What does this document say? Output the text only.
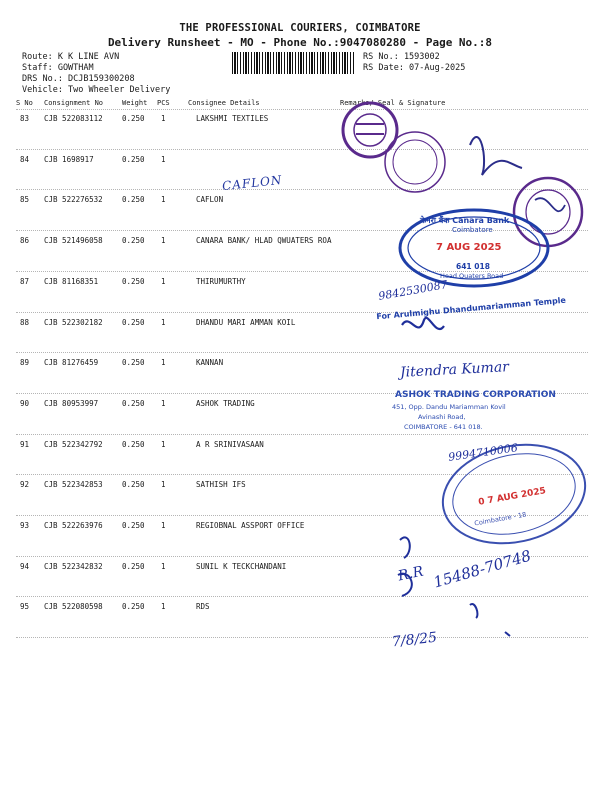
THE PROFESSIONAL COURIERS, COIMBATORE
Delivery Runsheet - MO - Phone No.:9047080280 - Page No.:8
Route: K K LINE AVN
Staff: GOWTHAM
DRS No.: DCJB159300208
Vehicle: Two Wheeler Delivery
RS No.: 1593002
RS Date: 07-Aug-2025
S No Consignment No	Weight PCS	Consignee Details	Remarks/ Seal & Signature
83 CJB 522083112	0.250 1	LAKSHMI TEXTILES
84 CJB 1698917	0.250 1
85 CJB 522276532	0.250 1	CAFLON
86 CJB 521496058	0.250 1	CANARA BANK/ HLAD QWUATERS ROA
87 CJB 81168351	0.250 1	THIRUMURTHY
88 CJB 522302182	0.250 1	DHANDU MARI AMMAN KOIL
89 CJB 81276459	0.250 1	KANNAN
90 CJB 80953997	0.250 1	ASHOK TRADING
91 CJB 522342792	0.250 1	A R SRINIVASAAN
92 CJB 522342853	0.250 1	SATHISH IFS
93 CJB 522263976	0.250 1	REGIOBNAL ASSPORT OFFICE
94 CJB 522342832	0.250 1	SUNIL K TECKCHANDANI
95 CJB 522080598	0.250 1	RDS
CAFLON
केनरा बैंक Canara Bank
Coimbatore
7 AUG 2025
641 018
Head Quaters Road
9842530087
For Arulmighu Dhandumariamman Temple
Jitendra Kumar
ASHOK TRADING CORPORATION
451, Opp. Dandu Mariamman Kovil
Avinashi Road,
COIMBATORE - 641 018.
9994710006
0 7 AUG 2025
Coimbatore - 18
R.R 15488-70748
7/8/25
